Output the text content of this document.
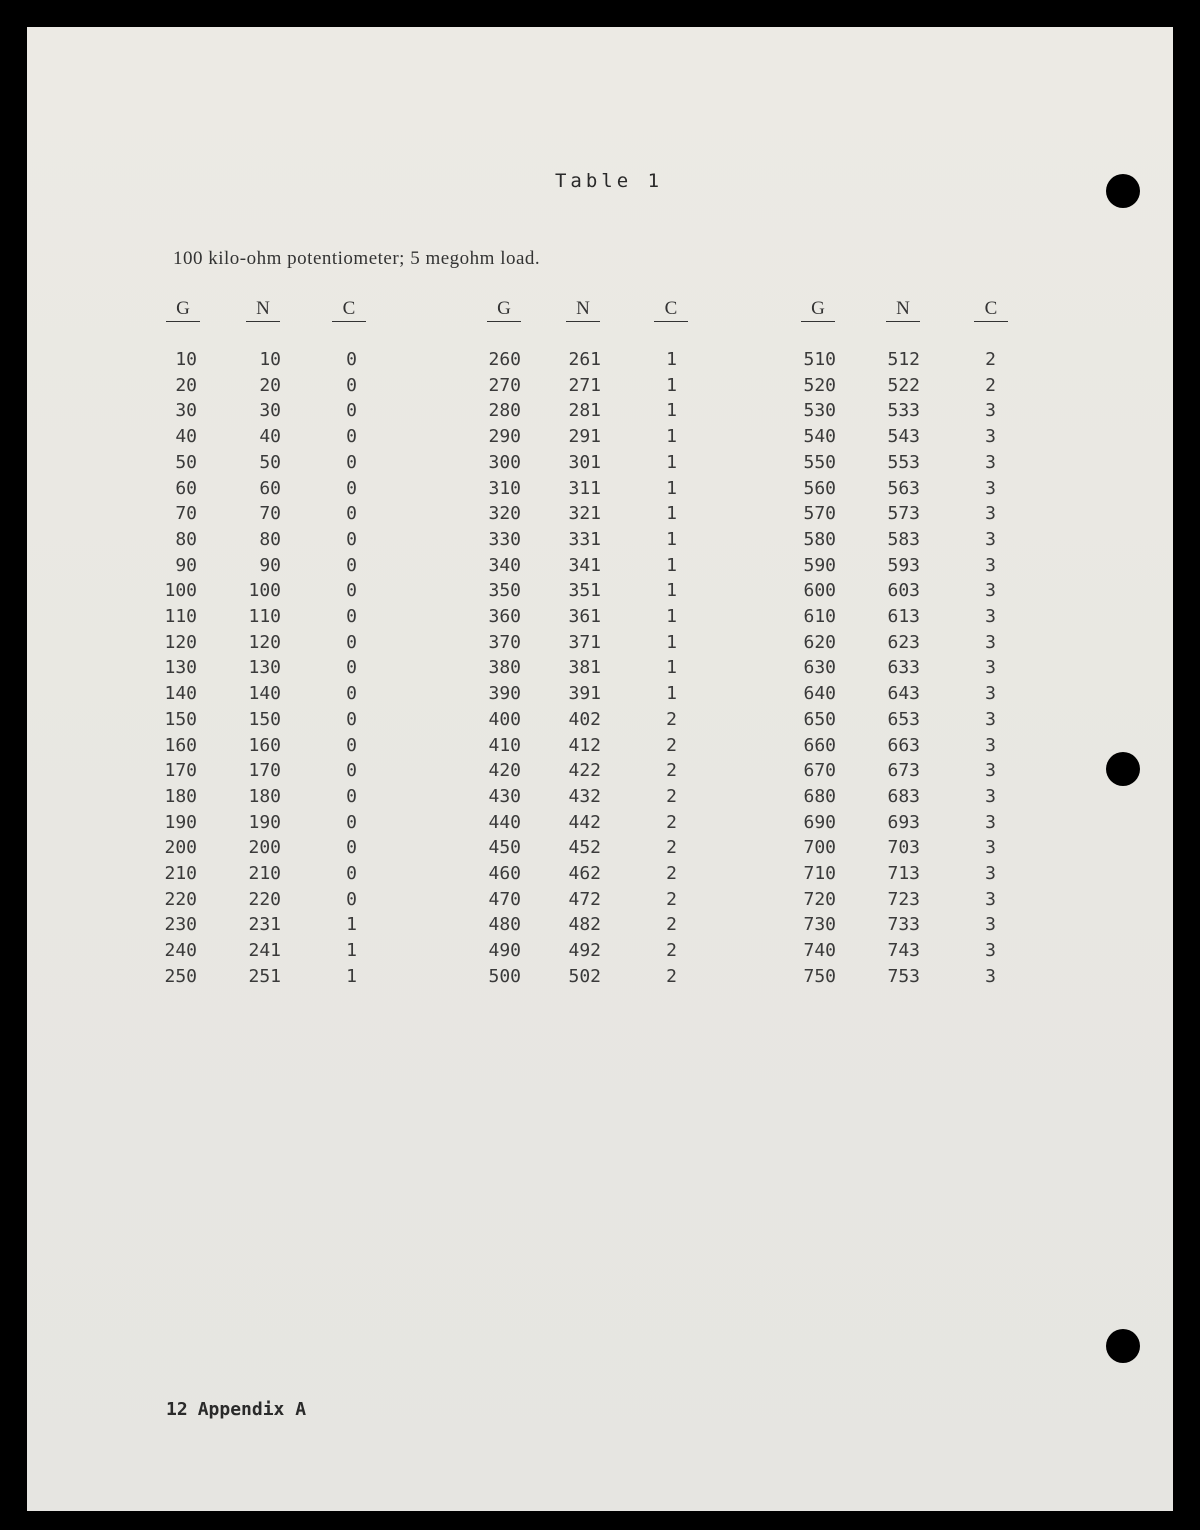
Table 1
100 kilo-ohm potentiometer; 5 megohm load.
G	N	C	G	N	C	G	N	C
10	10	0	260	261	1	510	512	2
20	20	0	270	271	1	520	522	2
30	30	0	280	281	1	530	533	3
40	40	0	290	291	1	540	543	3
50	50	0	300	301	1	550	553	3
60	60	0	310	311	1	560	563	3
70	70	0	320	321	1	570	573	3
80	80	0	330	331	1	580	583	3
90	90	0	340	341	1	590	593	3
100	100	0	350	351	1	600	603	3
110	110	0	360	361	1	610	613	3
120	120	0	370	371	1	620	623	3
130	130	0	380	381	1	630	633	3
140	140	0	390	391	1	640	643	3
150	150	0	400	402	2	650	653	3
160	160	0	410	412	2	660	663	3
170	170	0	420	422	2	670	673	3
180	180	0	430	432	2	680	683	3
190	190	0	440	442	2	690	693	3
200	200	0	450	452	2	700	703	3
210	210	0	460	462	2	710	713	3
220	220	0	470	472	2	720	723	3
230	231	1	480	482	2	730	733	3
240	241	1	490	492	2	740	743	3
250	251	1	500	502	2	750	753	3
12 Appendix A
